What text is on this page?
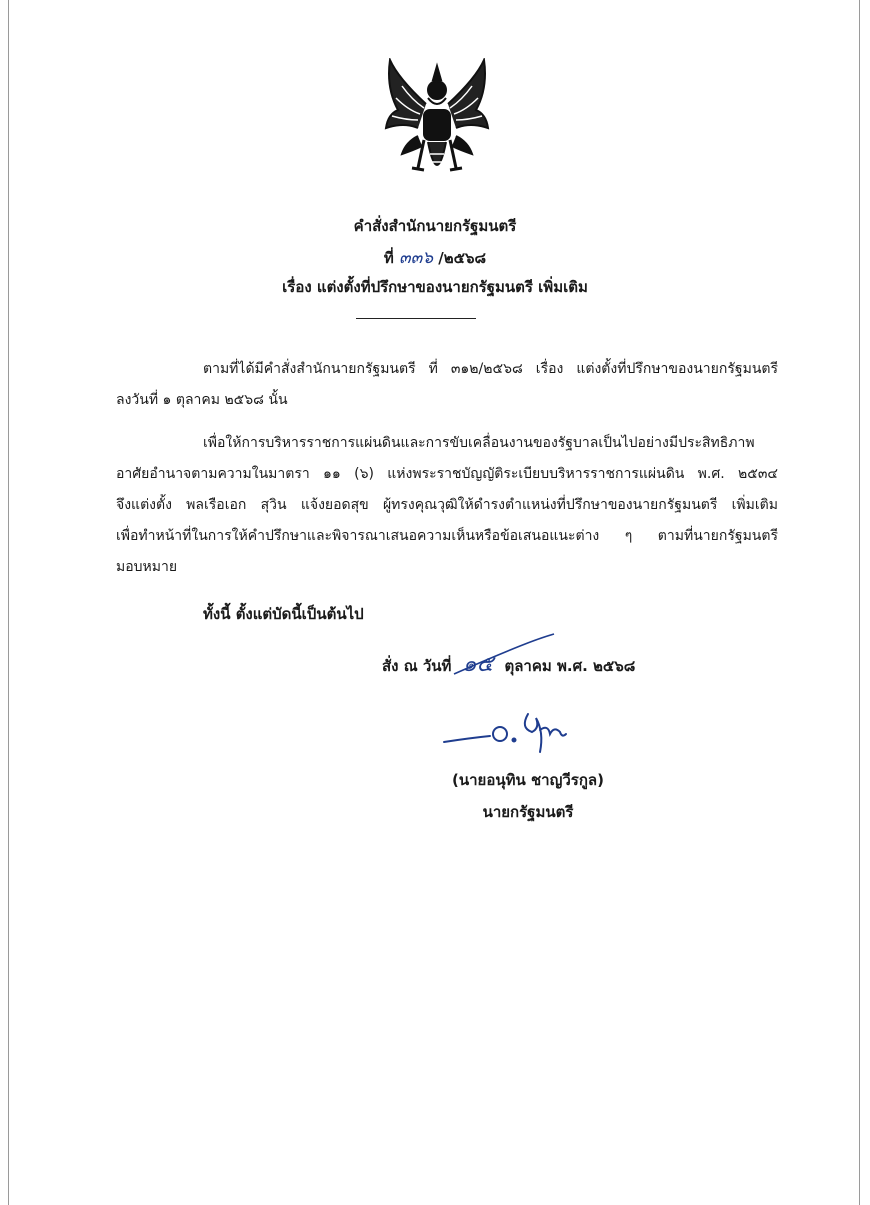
คำสั่งสำนักนายกรัฐมนตรี
ที่ ๓๓๖ /๒๕๖๘
เรื่อง แต่งตั้งที่ปรึกษาของนายกรัฐมนตรี เพิ่มเติม
ตามที่ได้มีคำสั่งสำนักนายกรัฐมนตรี ที่ ๓๑๒/๒๕๖๘ เรื่อง แต่งตั้งที่ปรึกษาของนายกรัฐมนตรี
ลงวันที่ ๑ ตุลาคม ๒๕๖๘ นั้น
เพื่อให้การบริหารราชการแผ่นดินและการขับเคลื่อนงานของรัฐบาลเป็นไปอย่างมีประสิทธิภาพ
อาศัยอำนาจตามความในมาตรา ๑๑ (๖) แห่งพระราชบัญญัติระเบียบบริหารราชการแผ่นดิน พ.ศ. ๒๕๓๔
จึงแต่งตั้ง พลเรือเอก สุวิน แจ้งยอดสุข ผู้ทรงคุณวุฒิให้ดำรงตำแหน่งที่ปรึกษาของนายกรัฐมนตรี เพิ่มเติม
เพื่อทำหน้าที่ในการให้คำปรึกษาและพิจารณาเสนอความเห็นหรือข้อเสนอแนะต่าง ๆ ตามที่นายกรัฐมนตรี
มอบหมาย
ทั้งนี้ ตั้งแต่บัดนี้เป็นต้นไป
สั่ง ณ วันที่ ๑๕ ตุลาคม พ.ศ. ๒๕๖๘
(นายอนุทิน ชาญวีรกูล)
นายกรัฐมนตรี
